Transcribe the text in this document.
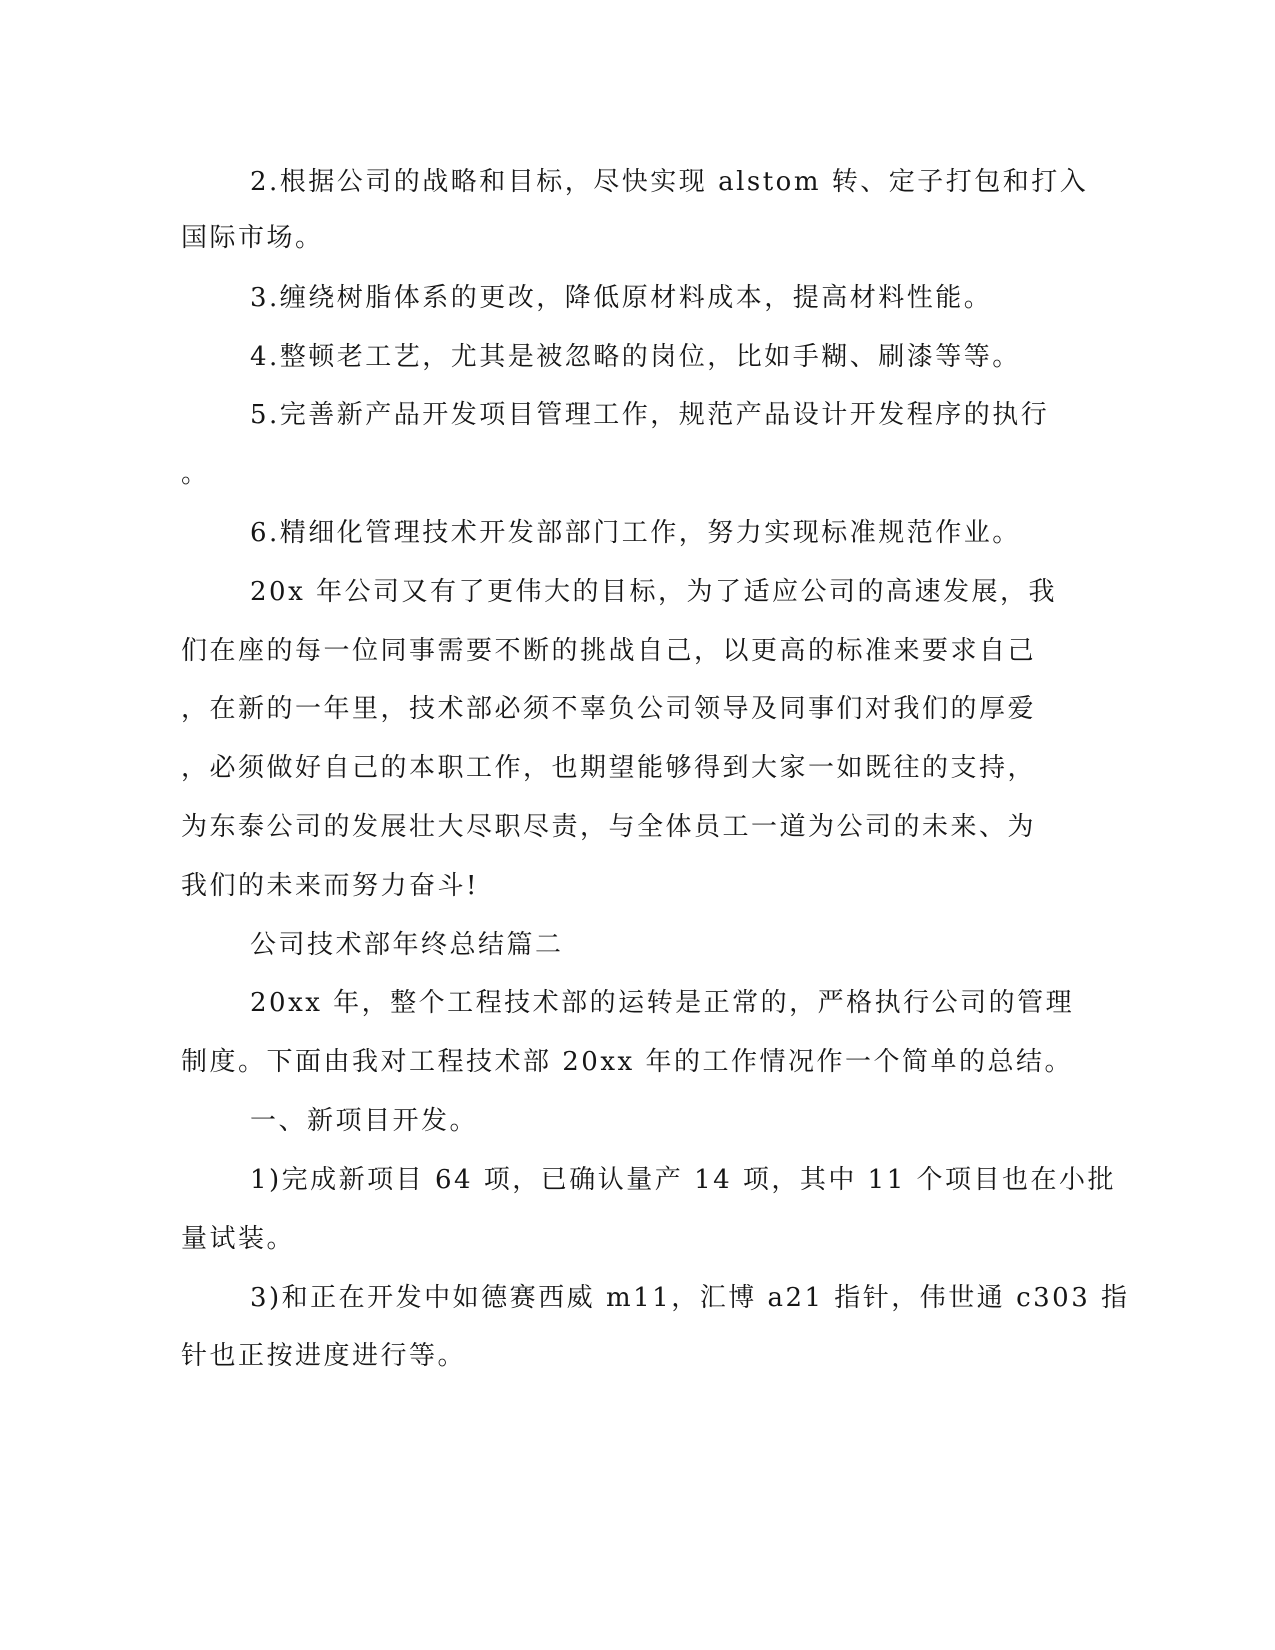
2.根据公司的战略和目标，尽快实现 alstom 转、定子打包和打入
国际市场。
3.缠绕树脂体系的更改，降低原材料成本，提高材料性能。
4.整顿老工艺，尤其是被忽略的岗位，比如手糊、刷漆等等。
5.完善新产品开发项目管理工作，规范产品设计开发程序的执行
。
6.精细化管理技术开发部部门工作，努力实现标准规范作业。
20x 年公司又有了更伟大的目标，为了适应公司的高速发展，我
们在座的每一位同事需要不断的挑战自己，以更高的标准来要求自己
，在新的一年里，技术部必须不辜负公司领导及同事们对我们的厚爱
，必须做好自己的本职工作，也期望能够得到大家一如既往的支持，
为东泰公司的发展壮大尽职尽责，与全体员工一道为公司的未来、为
我们的未来而努力奋斗!
公司技术部年终总结篇二
20xx 年，整个工程技术部的运转是正常的，严格执行公司的管理
制度。下面由我对工程技术部 20xx 年的工作情况作一个简单的总结。
一、新项目开发。
1)完成新项目 64 项，已确认量产 14 项，其中 11 个项目也在小批
量试装。
3)和正在开发中如德赛西威 m11，汇博 a21 指针，伟世通 c303 指
针也正按进度进行等。
